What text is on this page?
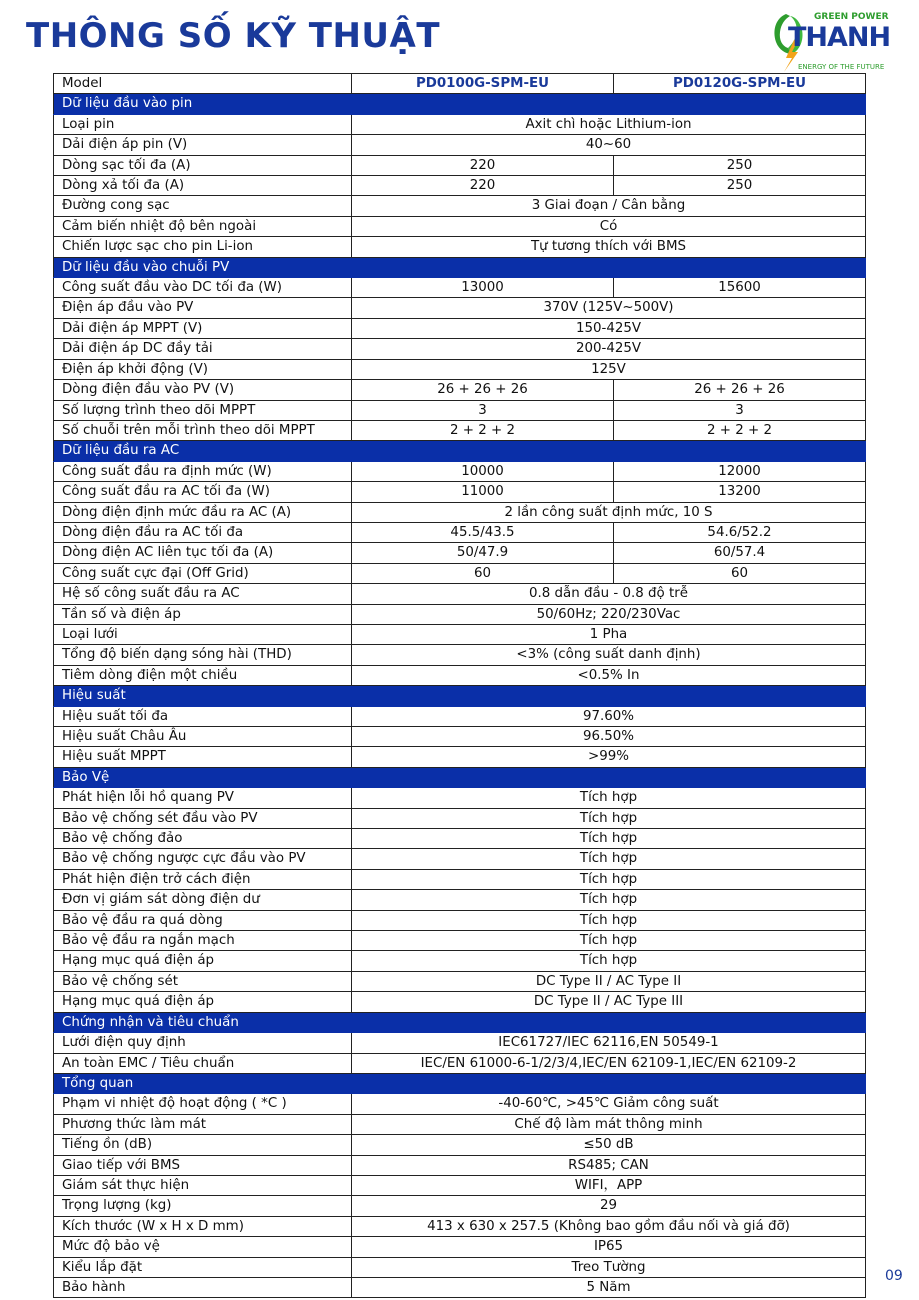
THÔNG SỐ KỸ THUẬT	GREEN POWER
THANH
ENERGY OF THE FUTURE
Model	PD0100G-SPM-EU	PD0120G-SPM-EU
Dữ liệu đầu vào pin		
Loại pin	Axit chì hoặc Lithium-ion	
Dải điện áp pin (V)	40~60	
Dòng sạc tối đa (A)	220	250
Dòng xả tối đa (A)	220	250
Đường cong sạc	3 Giai đoạn / Cân bằng	
Cảm biến nhiệt độ bên ngoài	Có	
Chiến lược sạc cho pin Li-ion	Tự tương thích với BMS	
Dữ liệu đầu vào chuỗi PV		
Công suất đầu vào DC tối đa (W)	13000	15600
Điện áp đầu vào PV	370V (125V~500V)	
Dải điện áp MPPT (V)	150-425V	
Dải điện áp DC đầy tải	200-425V	
Điện áp khởi động (V)	125V	
Dòng điện đầu vào PV (V)	26 + 26 + 26	26 + 26 + 26
Số lượng trình theo dõi MPPT	3	3
Số chuỗi trên mỗi trình theo dõi MPPT	2 + 2 + 2	2 + 2 + 2
Dữ liệu đầu ra AC		
Công suất đầu ra định mức (W)	10000	12000
Công suất đầu ra AC tối đa (W)	11000	13200
Dòng điện định mức đầu ra AC (A)	2 lần công suất định mức, 10 S	
Dòng điện đầu ra AC tối đa	45.5/43.5	54.6/52.2
Dòng điện AC liên tục tối đa (A)	50/47.9	60/57.4
Công suất cực đại (Off Grid)	60	60
Hệ số công suất đầu ra AC	0.8 dẫn đầu - 0.8 độ trễ	
Tần số và điện áp	50/60Hz; 220/230Vac	
Loại lưới	1 Pha	
Tổng độ biến dạng sóng hài (THD)	<3% (công suất danh định)	
Tiêm dòng điện một chiều	<0.5% In	
Hiệu suất		
Hiệu suất tối đa	97.60%	
Hiệu suất Châu Âu	96.50%	
Hiệu suất MPPT	>99%	
Bảo Vệ		
Phát hiện lỗi hồ quang PV	Tích hợp	
Bảo vệ chống sét đầu vào PV	Tích hợp	
Bảo vệ chống đảo	Tích hợp	
Bảo vệ chống ngược cực đầu vào PV	Tích hợp	
Phát hiện điện trở cách điện	Tích hợp	
Đơn vị giám sát dòng điện dư	Tích hợp	
Bảo vệ đầu ra quá dòng	Tích hợp	
Bảo vệ đầu ra ngắn mạch	Tích hợp	
Hạng mục quá điện áp	Tích hợp	
Bảo vệ chống sét	DC Type II / AC Type II	
Hạng mục quá điện áp	DC Type II / AC Type III	
Chứng nhận và tiêu chuẩn		
Lưới điện quy định	IEC61727/IEC 62116,EN 50549-1	
An toàn EMC / Tiêu chuẩn	IEC/EN 61000-6-1/2/3/4,IEC/EN 62109-1,IEC/EN 62109-2	
Tổng quan		
Phạm vi nhiệt độ hoạt động ( *C )	-40-60℃, >45℃ Giảm công suất	
Phương thức làm mát	Chế độ làm mát thông minh	
Tiếng ồn (dB)	≤50 dB	
Giao tiếp với BMS	RS485; CAN	
Giám sát thực hiện	WIFI，APP	
Trọng lượng (kg)	29	
Kích thước (W x H x D mm)	413 x 630 x 257.5 (Không bao gồm đầu nối và giá đỡ)	
Mức độ bảo vệ	IP65	
Kiểu lắp đặt	Treo Tường	
Bảo hành	5 Năm	
09
